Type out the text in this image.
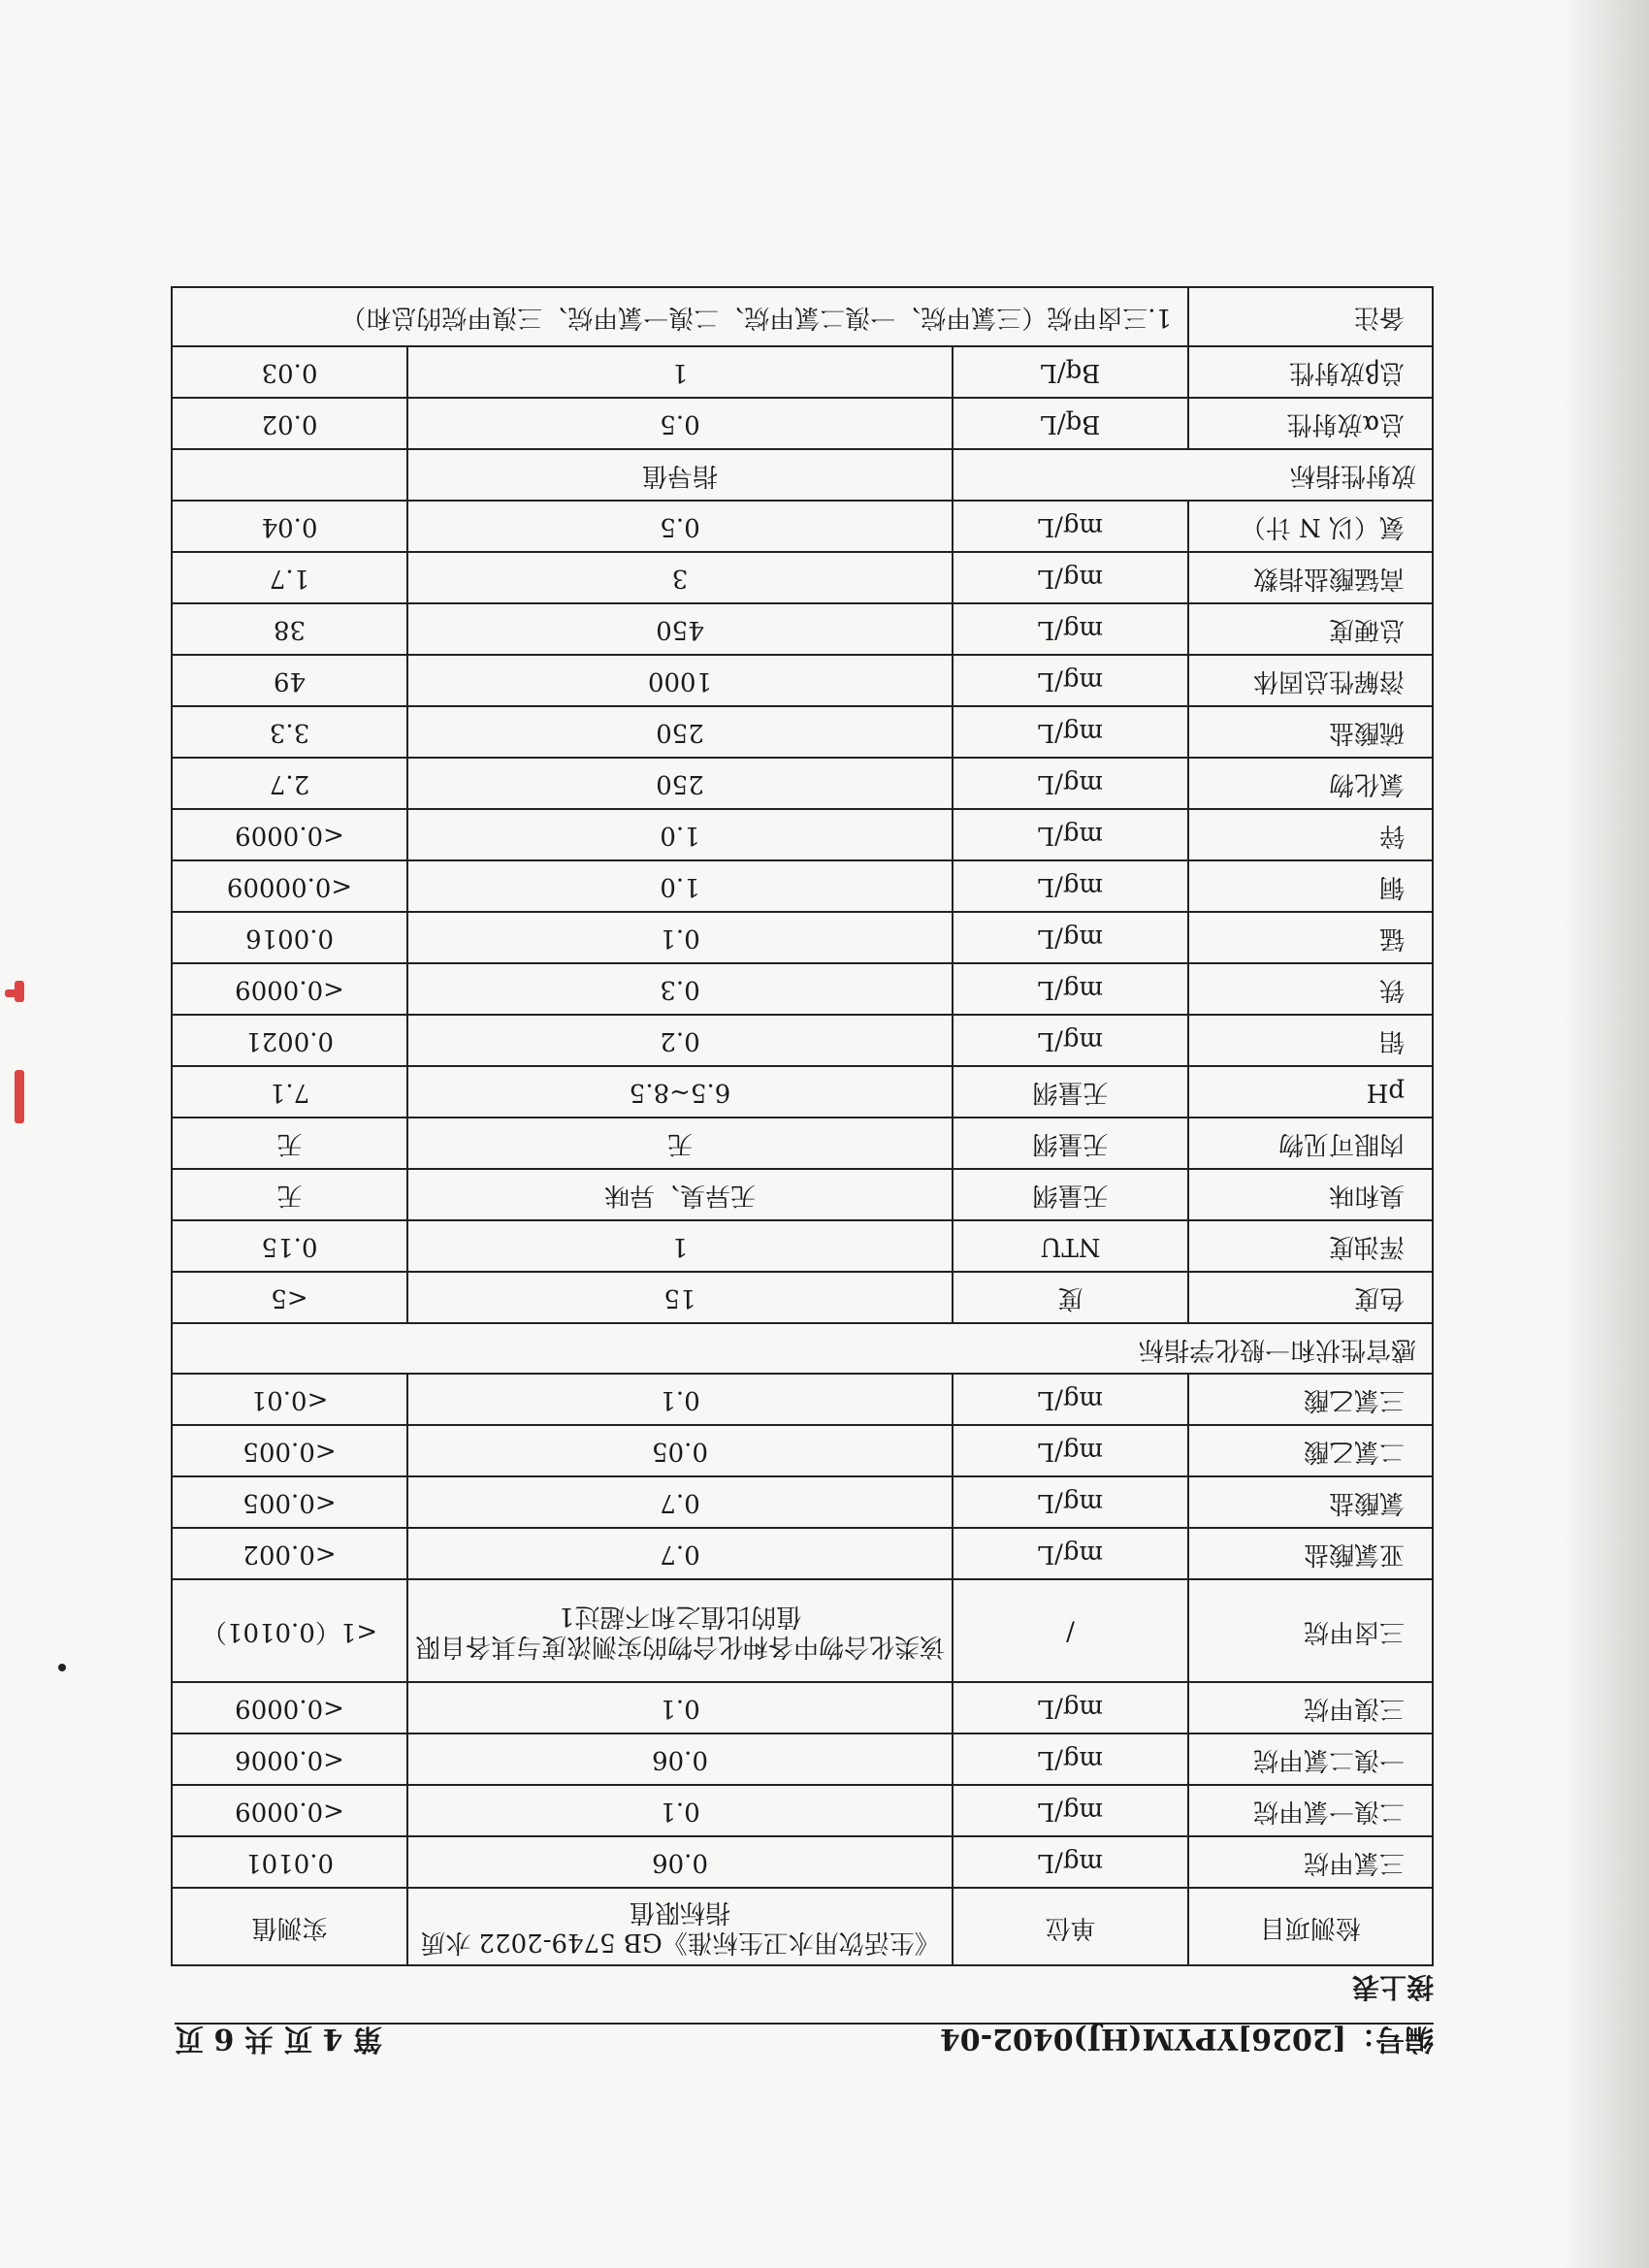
编号：[2026]YPYM(HJ)0402-04
第 4 页 共 6 页
接上表
检测项目	单位	《生活饮用水卫生标准》GB 5749-2022 水质指标限值	实测值
三氯甲烷	mg/L	0.06	0.0101
二溴一氯甲烷	mg/L	0.1	<0.0009
一溴二氯甲烷	mg/L	0.06	<0.0006
三溴甲烷	mg/L	0.1	<0.0009
三卤甲烷	/	该类化合物中各种化合物的实测浓度与其各自限值的比值之和不超过1	<1（0.0101）
亚氯酸盐	mg/L	0.7	<0.002
氯酸盐	mg/L	0.7	<0.005
二氯乙酸	mg/L	0.05	<0.005
三氯乙酸	mg/L	0.1	<0.01
感官性状和一般化学指标			
色度	度	15	<5
浑浊度	NTU	1	0.15
臭和味	无量纲	无异臭、异味	无
肉眼可见物	无量纲	无	无
pH	无量纲	6.5~8.5	7.1
铝	mg/L	0.2	0.0021
铁	mg/L	0.3	<0.0009
锰	mg/L	0.1	0.0016
铜	mg/L	1.0	<0.00009
锌	mg/L	1.0	<0.0009
氯化物	mg/L	250	2.7
硫酸盐	mg/L	250	3.3
溶解性总固体	mg/L	1000	49
总硬度	mg/L	450	38
高锰酸盐指数	mg/L	3	1.7
氨（以 N 计）	mg/L	0.5	0.04
放射性指标		指导值	
总α放射性	Bq/L	0.5	0.02
总β放射性	Bq/L	1	0.03
备注	1.三卤甲烷（三氯甲烷、一溴二氯甲烷、二溴一氯甲烷、三溴甲烷的总和）		
